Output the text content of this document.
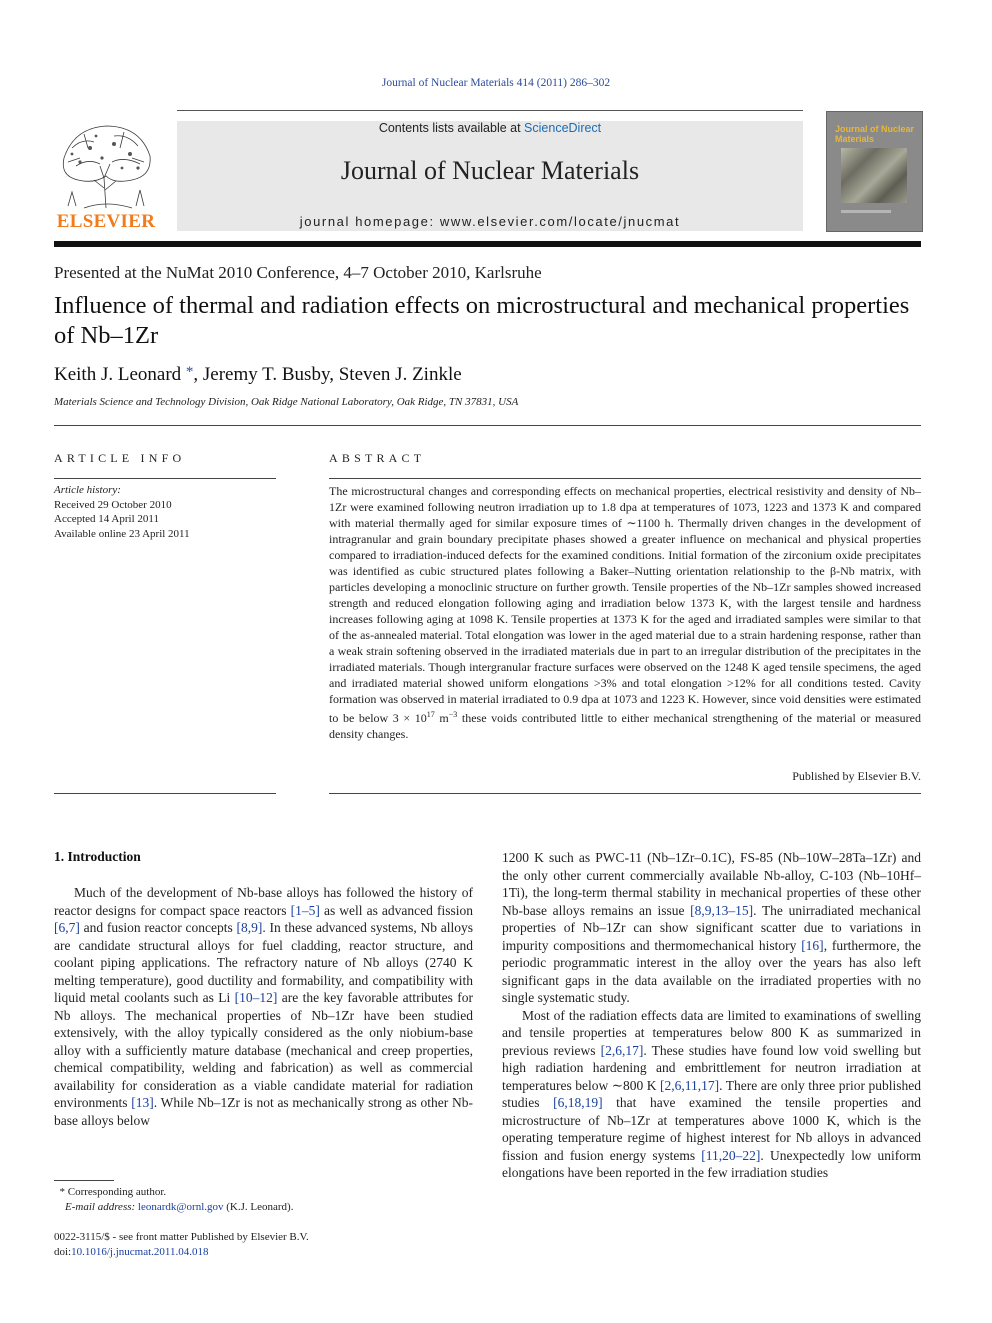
Journal of Nuclear Materials 414 (2011) 286–302
ELSEVIER
Contents lists available at ScienceDirect
Journal of Nuclear Materials
journal homepage: www.elsevier.com/locate/jnucmat
Journal of Nuclear Materials
Presented at the NuMat 2010 Conference, 4–7 October 2010, Karlsruhe
Influence of thermal and radiation effects on microstructural and mechanical properties of Nb–1Zr
Keith J. Leonard *, Jeremy T. Busby, Steven J. Zinkle
Materials Science and Technology Division, Oak Ridge National Laboratory, Oak Ridge, TN 37831, USA
ARTICLE INFO
Article history:
Received 29 October 2010
Accepted 14 April 2011
Available online 23 April 2011
ABSTRACT
The microstructural changes and corresponding effects on mechanical properties, electrical resistivity and density of Nb–1Zr were examined following neutron irradiation up to 1.8 dpa at temperatures of 1073, 1223 and 1373 K and compared with material thermally aged for similar exposure times of ∼1100 h. Thermally driven changes in the development of intragranular and grain boundary precipitate phases showed a greater influence on mechanical and physical properties compared to irradiation-induced defects for the examined conditions. Initial formation of the zirconium oxide precipitates was identified as cubic structured plates following a Baker–Nutting orientation relationship to the β-Nb matrix, with particles developing a monoclinic structure on further growth. Tensile properties of the Nb–1Zr samples showed increased strength and reduced elongation following aging and irradiation below 1373 K, with the largest tensile and hardness increases following aging at 1098 K. Tensile properties at 1373 K for the aged and irradiated samples were similar to that of the as-annealed material. Total elongation was lower in the aged material due to a strain hardening response, rather than a weak strain softening observed in the irradiated materials due in part to an irregular distribution of the precipitates in the irradiated materials. Though intergranular fracture surfaces were observed on the 1248 K aged tensile specimens, the aged and irradiated material showed uniform elongations >3% and total elongation >12% for all conditions tested. Cavity formation was observed in material irradiated to 0.9 dpa at 1073 and 1223 K. However, since void densities were estimated to be below $3 \times 10^{17}$ $m^{-3}$ these voids contributed little to either mechanical strengthening of the material or measured density changes.
Published by Elsevier B.V.
1. Introduction

Much of the development of Nb-base alloys has followed the history of reactor designs for compact space reactors [1–5] as well as advanced fission [6,7] and fusion reactor concepts [8,9]. In these advanced systems, Nb alloys are candidate structural alloys for fuel cladding, reactor structure, and coolant piping applications. The refractory nature of Nb alloys (2740 K melting temperature), good ductility and formability, and compatibility with liquid metal coolants such as Li [10–12] are the key favorable attributes for Nb alloys. The mechanical properties of Nb–1Zr have been studied extensively, with the alloy typically considered as the only niobium-base alloy with a sufficiently mature database (mechanical and creep properties, chemical compatibility, welding and fabrication) as well as commercial availability for consideration as a viable candidate material for radiation environments [13]. While Nb–1Zr is not as mechanically strong as other Nb-base alloys below

1200 K such as PWC-11 (Nb–1Zr–0.1C), FS-85 (Nb–10W–28Ta–1Zr) and the only other current commercially available Nb-alloy, C-103 (Nb–10Hf–1Ti), the long-term thermal stability in mechanical properties of these other Nb-base alloys remains an issue [8,9,13–15]. The unirradiated mechanical properties of Nb–1Zr can show significant scatter due to variations in impurity compositions and thermomechanical history [16], furthermore, the periodic programmatic interest in the alloy over the years has also left significant gaps in the data available on the irradiated properties with no single systematic study.

Most of the radiation effects data are limited to examinations of swelling and tensile properties at temperatures below 800 K as summarized in previous reviews [2,6,17]. These studies have found low void swelling but high radiation hardening and embrittlement for neutron irradiation at temperatures below ∼800 K [2,6,11,17]. There are only three prior published studies [6,18,19] that have examined the tensile properties and microstructure of Nb–1Zr at temperatures above 1000 K, which is the operating temperature regime of highest interest for Nb alloys in advanced fission and fusion energy systems [11,20–22]. Unexpectedly low uniform elongations have been reported in the few irradiation studies

* Corresponding author.
E-mail address: leonardk@ornl.gov (K.J. Leonard).
0022-3115/$ - see front matter Published by Elsevier B.V.
doi:10.1016/j.jnucmat.2011.04.018
